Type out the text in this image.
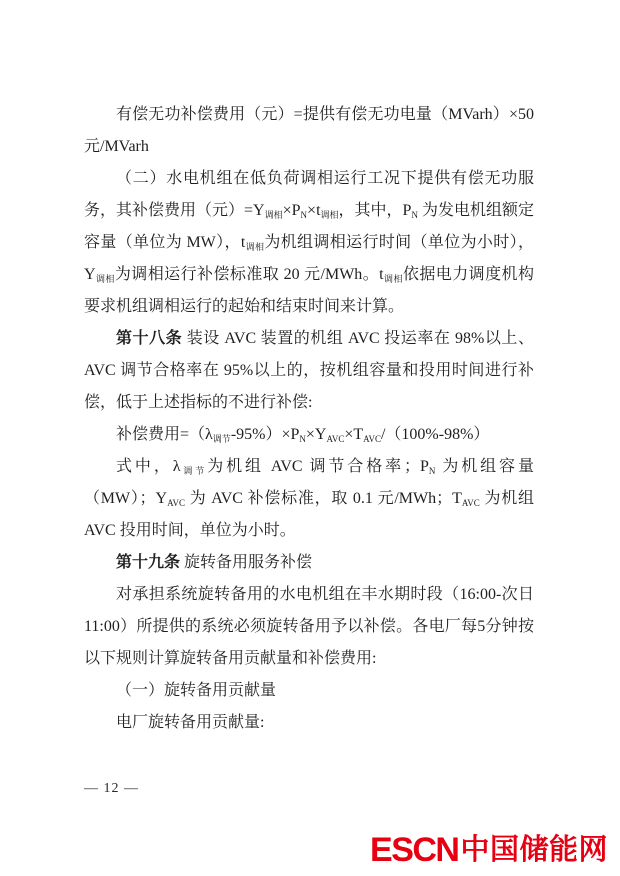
有偿无功补偿费用（元）=提供有偿无功电量（MVarh）×50 元/MVarh

（二）水电机组在低负荷调相运行工况下提供有偿无功服务，其补偿费用（元）$=Y_{调相}\times P_N\times t_{调相}$，其中，$P_N$ 为发电机组额定容量（单位为 MW），$t_{调相}$为机组调相运行时间（单位为小时），$Y_{调相}$为调相运行补偿标准取 20 元/MWh。$t_{调相}$依据电力调度机构要求机组调相运行的起始和结束时间来计算。

第十八条 装设 AVC 装置的机组 AVC 投运率在 98%以上、AVC 调节合格率在 95%以上的，按机组容量和投用时间进行补偿，低于上述指标的不进行补偿:

补偿费用$=(\lambda_{调节}-95\%)\times P_N\times Y_{AVC}\times T_{AVC}/(100\%-98\%)$

式中，$\lambda_{调节}$为机组 AVC 调节合格率；$P_N$ 为机组容量（MW）；$Y_{AVC}$ 为 AVC 补偿标准，取 0.1 元/MWh；$T_{AVC}$ 为机组 AVC 投用时间，单位为小时。

第十九条 旋转备用服务补偿

对承担系统旋转备用的水电机组在丰水期时段（16:00-次日11:00）所提供的系统必须旋转备用予以补偿。各电厂每5分钟按以下规则计算旋转备用贡献量和补偿费用:

（一）旋转备用贡献量

电厂旋转备用贡献量:

— 12 —
ESCN 中国储能网
